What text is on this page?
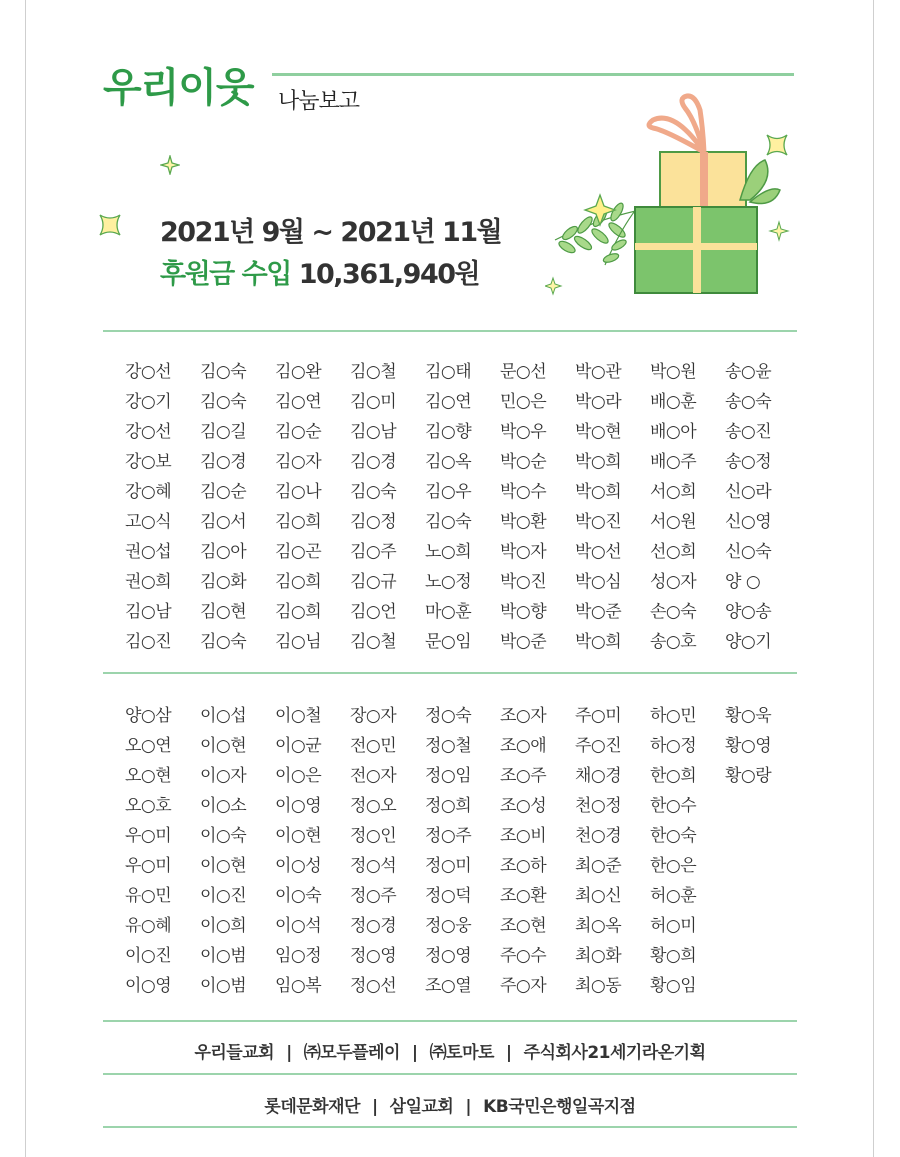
우리이웃 나눔보고
2021년 9월 ~ 2021년 11월
후원금 수입 10,361,940원
강○선	김○숙	김○완	김○철	김○태	문○선	박○관	박○원	송○윤
강○기	김○숙	김○연	김○미	김○연	민○은	박○라	배○훈	송○숙
강○선	김○길	김○순	김○남	김○향	박○우	박○현	배○아	송○진
강○보	김○경	김○자	김○경	김○옥	박○순	박○희	배○주	송○정
강○혜	김○순	김○나	김○숙	김○우	박○수	박○희	서○희	신○라
고○식	김○서	김○희	김○정	김○숙	박○환	박○진	서○원	신○영
권○섭	김○아	김○곤	김○주	노○희	박○자	박○선	선○희	신○숙
권○희	김○화	김○희	김○규	노○정	박○진	박○심	성○자	양 ○
김○남	김○현	김○희	김○언	마○훈	박○향	박○준	손○숙	양○송
김○진	김○숙	김○님	김○철	문○임	박○준	박○희	송○호	양○기
양○삼	이○섭	이○철	장○자	정○숙	조○자	주○미	하○민	황○욱
오○연	이○현	이○균	전○민	정○철	조○애	주○진	하○정	황○영
오○현	이○자	이○은	전○자	정○임	조○주	채○경	한○희	황○랑
오○호	이○소	이○영	정○오	정○희	조○성	천○정	한○수
우○미	이○숙	이○현	정○인	정○주	조○비	천○경	한○숙
우○미	이○현	이○성	정○석	정○미	조○하	최○준	한○은
유○민	이○진	이○숙	정○주	정○덕	조○환	최○신	허○훈
유○혜	이○희	이○석	정○경	정○웅	조○현	최○옥	허○미
이○진	이○범	임○정	정○영	정○영	주○수	최○화	황○희
이○영	이○범	임○복	정○선	조○열	주○자	최○동	황○임
우리들교회 | ㈜모두플레이 | ㈜토마토 | 주식회사21세기라온기획
롯데문화재단 | 삼일교회 | KB국민은행일곡지점
